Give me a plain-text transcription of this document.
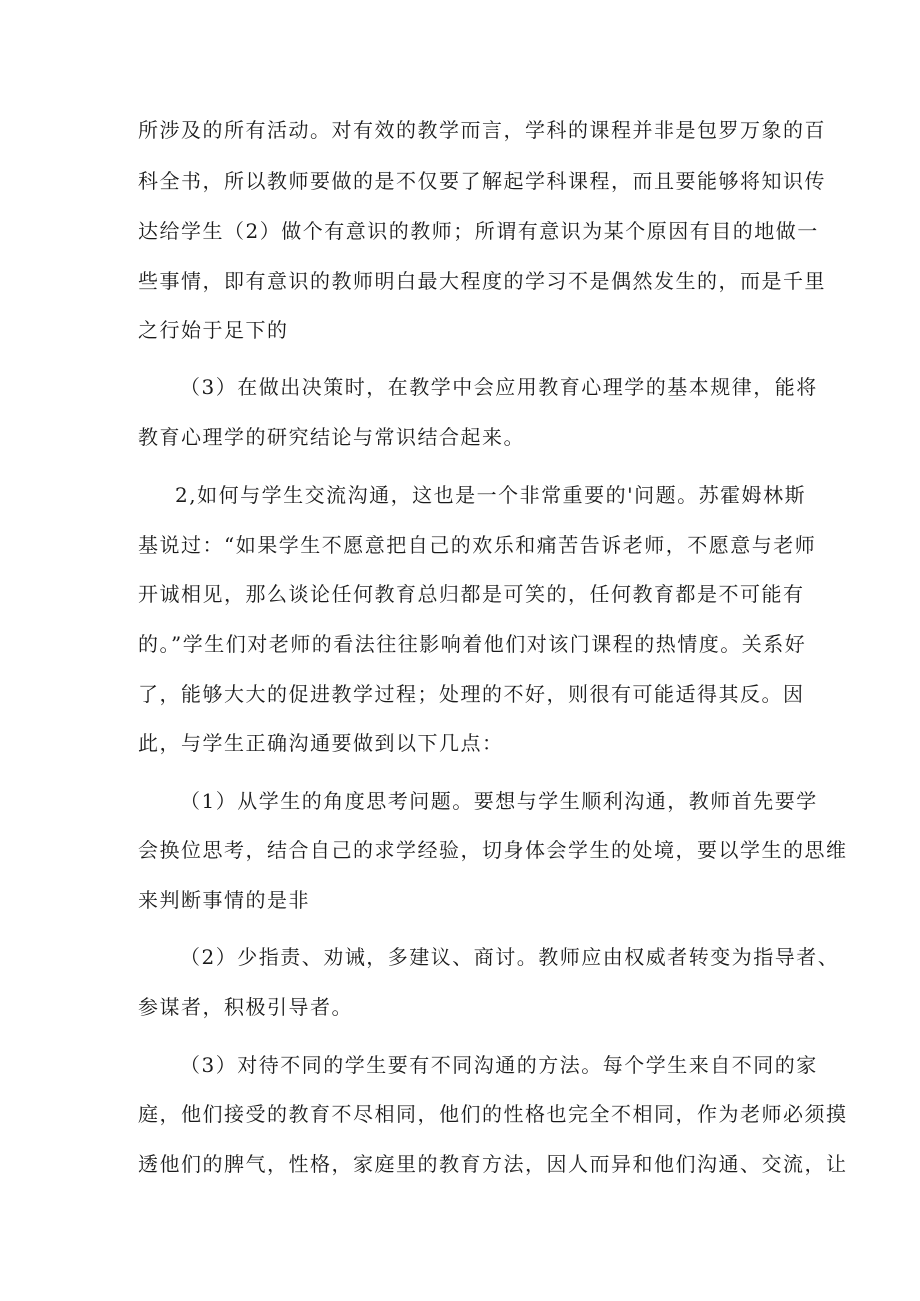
所涉及的所有活动。对有效的教学而言，学科的课程并非是包罗万象的百
科全书，所以教师要做的是不仅要了解起学科课程，而且要能够将知识传
达给学生（2）做个有意识的教师；所谓有意识为某个原因有目的地做一
些事情，即有意识的教师明白最大程度的学习不是偶然发生的，而是千里
之行始于足下的
（3）在做出决策时，在教学中会应用教育心理学的基本规律，能将
教育心理学的研究结论与常识结合起来。
2,如何与学生交流沟通，这也是一个非常重要的'问题。苏霍姆林斯
基说过：“如果学生不愿意把自己的欢乐和痛苦告诉老师，不愿意与老师
开诚相见，那么谈论任何教育总归都是可笑的，任何教育都是不可能有
的。”学生们对老师的看法往往影响着他们对该门课程的热情度。关系好
了，能够大大的促进教学过程；处理的不好，则很有可能适得其反。因
此，与学生正确沟通要做到以下几点：
（1）从学生的角度思考问题。要想与学生顺利沟通，教师首先要学
会换位思考，结合自己的求学经验，切身体会学生的处境，要以学生的思维
来判断事情的是非
（2）少指责、劝诫，多建议、商讨。教师应由权威者转变为指导者、
参谋者，积极引导者。
（3）对待不同的学生要有不同沟通的方法。每个学生来自不同的家
庭，他们接受的教育不尽相同，他们的性格也完全不相同，作为老师必须摸
透他们的脾气，性格，家庭里的教育方法，因人而异和他们沟通、交流，让
